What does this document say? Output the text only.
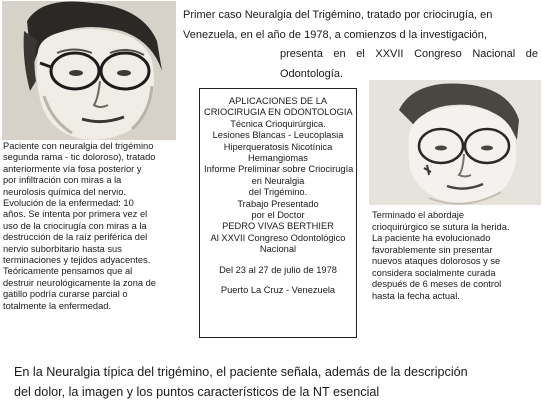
Primer caso Neuralgia del Trigémino, tratado por criocirugía, en
Venezuela, en el año de 1978, a comienzos d la investigación,
presenta en el XXVII Congreso Nacional de Odontología.
APLICACIONES DE LA
CRIOCIRUGIA EN ODONTOLOGIA
Técnica Crioquirúrgica.
Lesiones Blancas - Leucoplasia
Hiperqueratosis Nicotínica
Hemangiomas
Informe Preliminar sobre Criocirugía
en Neuralgia
del Trigémino.
Trabajo Presentado
por el Doctor
PEDRO VIVAS BERTHIER
Al XXVII Congreso Odontológico
Nacional
Del 23 al 27 de julio de 1978
Puerto La Cruz - Venezuela
Paciente con neuralgia del trigémino
segunda rama - tic doloroso), tratado
anteriormente vía fosa posterior y
por infiltración con miras a la
neurolosis química del nervio.
Evolución de la enfermedad: 10
años. Se intenta por primera vez el
uso de la criocirugía con miras a la
destrucción de la raíz periférica del
nervio suborbitario hasta sus
terminaciones y tejidos adyacentes.
Teóricamente pensamos que al
destruir neurológicamente la zona de
gatillo podría curarse parcial o
totalmente la enfermedad.
Terminado el abordaje
crioquirúrgico se sutura la herida.
La paciente ha evolucionado
favorablemente sin presentar
nuevos ataques dolorosos y se
considera socialmente curada
después de 6 meses de control
hasta la fecha actual.
En la Neuralgia típica del trigémino, el paciente señala, además de la descripción
del dolor, la imagen y los puntos característicos de la NT esencial
